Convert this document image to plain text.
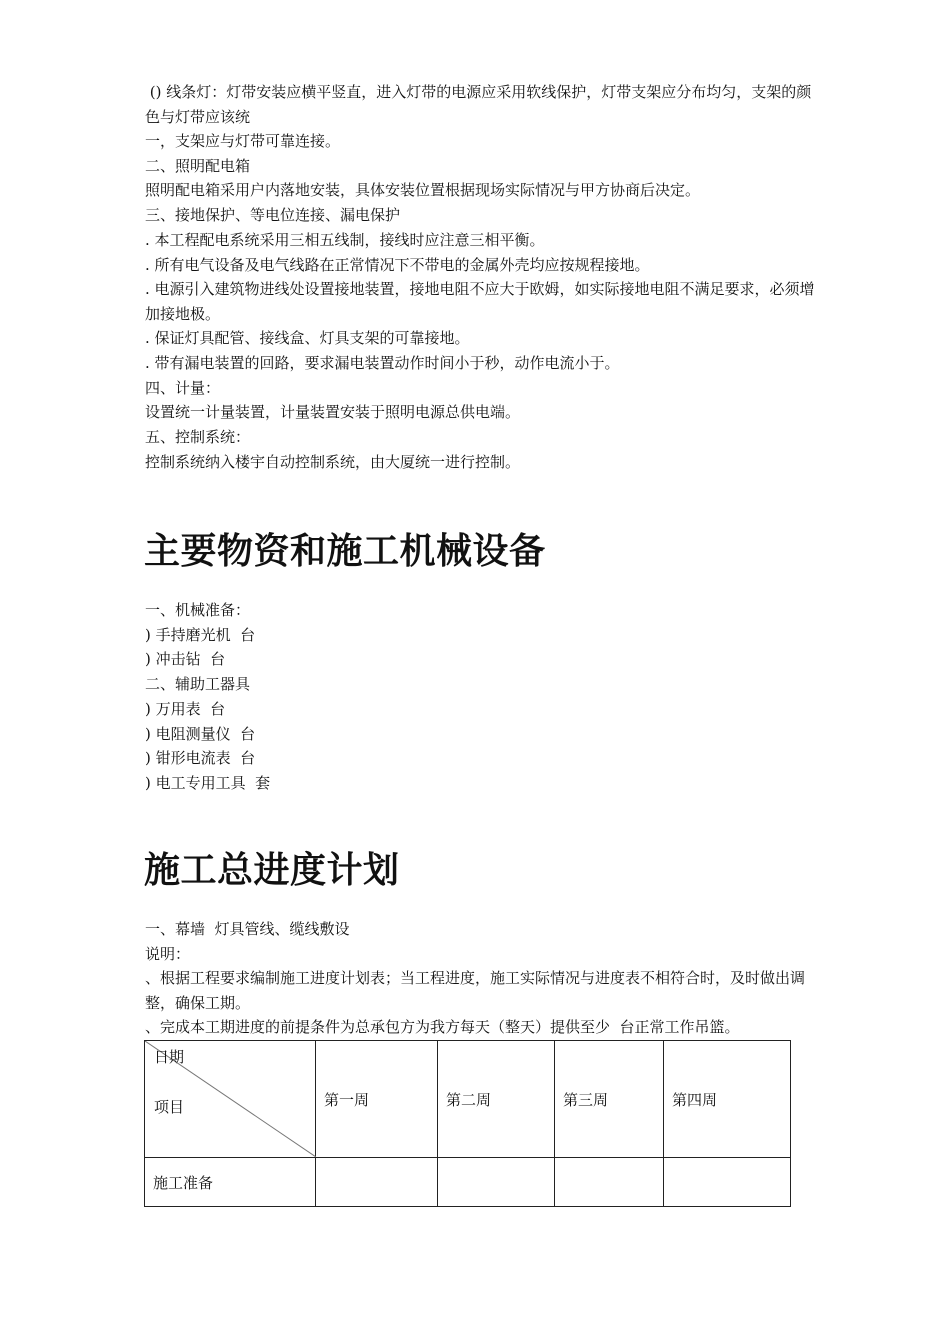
() 线条灯：灯带安装应横平竖直，进入灯带的电源应采用软线保护，灯带支架应分布均匀，支架的颜色与灯带应该统

一，支架应与灯带可靠连接。

二、照明配电箱

照明配电箱采用户内落地安装，具体安装位置根据现场实际情况与甲方协商后决定。

三、接地保护、等电位连接、漏电保护

. 本工程配电系统采用三相五线制，接线时应注意三相平衡。

. 所有电气设备及电气线路在正常情况下不带电的金属外壳均应按规程接地。

. 电源引入建筑物进线处设置接地装置，接地电阻不应大于欧姆，如实际接地电阻不满足要求，必须增加接地极。

. 保证灯具配管、接线盒、灯具支架的可靠接地。

. 带有漏电装置的回路，要求漏电装置动作时间小于秒，动作电流小于。

四、计量：

设置统一计量装置，计量装置安装于照明电源总供电端。

五、控制系统：

控制系统纳入楼宇自动控制系统，由大厦统一进行控制。

主要物资和施工机械设备

一、机械准备：

) 手持磨光机  台

) 冲击钻  台

二、辅助工器具

) 万用表  台

) 电阻测量仪  台

) 钳形电流表  台

) 电工专用工具  套

施工总进度计划

一、幕墙  灯具管线、缆线敷设

说明：

、根据工程要求编制施工进度计划表；当工程进度，施工实际情况与进度表不相符合时，及时做出调整，确保工期。

、完成本工期进度的前提条件为总承包方为我方每天（整天）提供至少  台正常工作吊篮。

日期
项目	第一周	第二周	第三周	第四周
施工准备				
